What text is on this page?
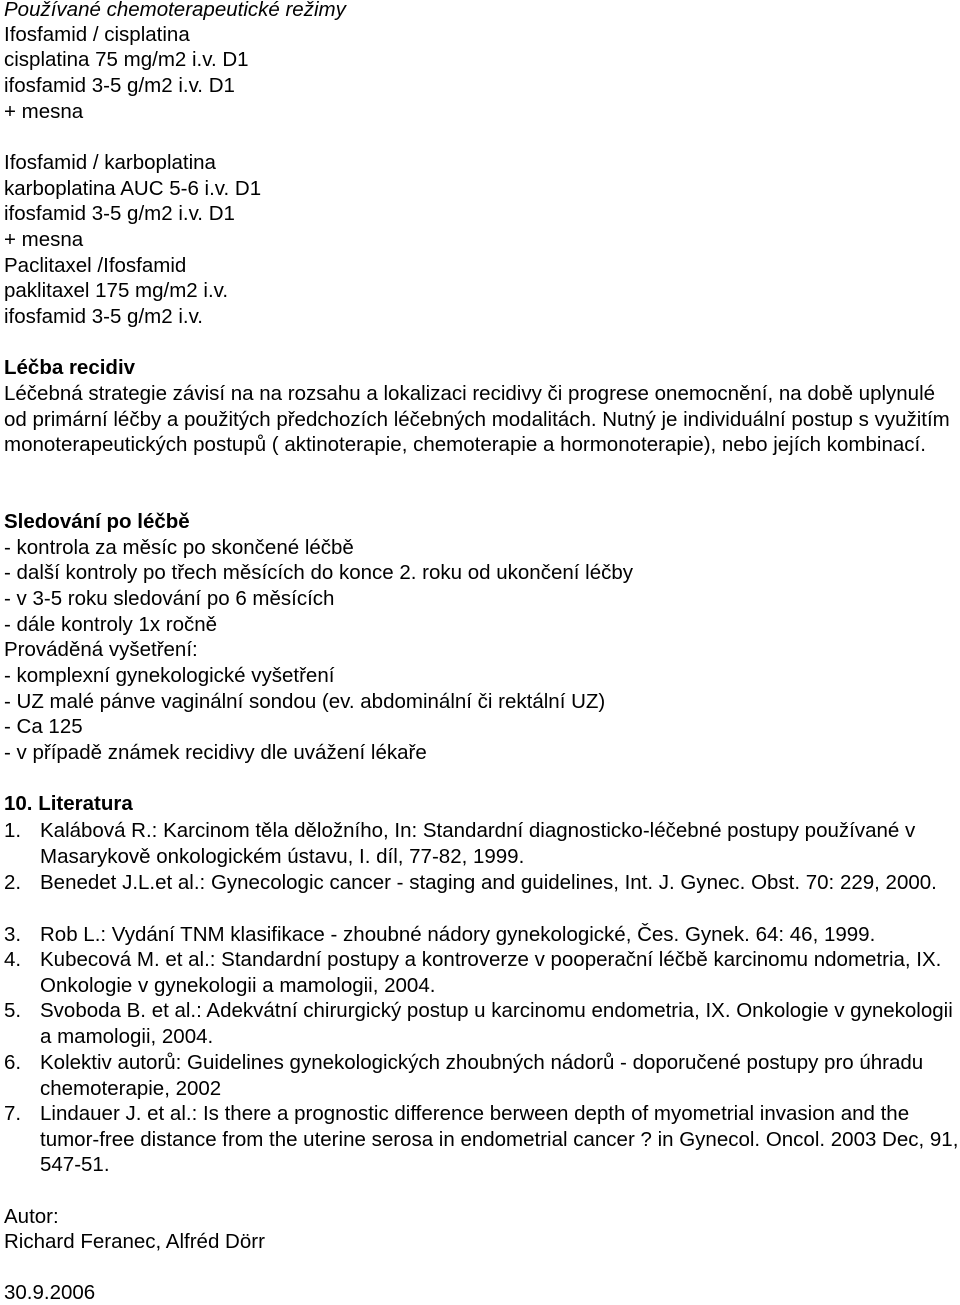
Používané chemoterapeutické režimy
Ifosfamid / cisplatina
cisplatina 75 mg/m2 i.v. D1
ifosfamid 3-5 g/m2 i.v. D1
+ mesna
Ifosfamid / karboplatina
karboplatina AUC 5-6 i.v. D1
ifosfamid 3-5 g/m2 i.v. D1
+ mesna
Paclitaxel /Ifosfamid
paklitaxel 175 mg/m2 i.v.
ifosfamid 3-5 g/m2 i.v.
Léčba recidiv
Léčebná strategie závisí na na rozsahu a lokalizaci recidivy či progrese onemocnění, na době uplynulé od primární léčby a použitých předchozích léčebných modalitách. Nutný je individuální postup s využitím monoterapeutických postupů ( aktinoterapie, chemoterapie a hormonoterapie), nebo jejích kombinací.
Sledování po léčbě
- kontrola za měsíc po skončené léčbě
- další kontroly po třech měsících do konce 2. roku od ukončení léčby
- v 3-5 roku sledování po 6 měsících
- dále kontroly 1x ročně
Prováděná vyšetření:
- komplexní gynekologické vyšetření
- UZ malé pánve vaginální sondou (ev. abdominální či rektální UZ)
- Ca 125
- v případě známek recidivy dle uvážení lékaře
10. Literatura
1. Kalábová R.: Karcinom těla děložního, In: Standardní diagnosticko-léčebné postupy používané v Masarykově onkologickém ústavu, I. díl, 77-82, 1999.
2. Benedet J.L.et al.: Gynecologic cancer - staging and guidelines, Int. J. Gynec. Obst. 70: 229, 2000.
3. Rob L.: Vydání TNM klasifikace - zhoubné nádory gynekologické, Čes. Gynek. 64: 46, 1999.
4. Kubecová M. et al.: Standardní postupy a kontroverze v pooperační léčbě karcinomu ndometria, IX. Onkologie v gynekologii a mamologii, 2004.
5. Svoboda B. et al.: Adekvátní chirurgický postup u karcinomu endometria, IX. Onkologie v gynekologii a mamologii, 2004.
6. Kolektiv autorů: Guidelines gynekologických zhoubných nádorů - doporučené postupy pro úhradu chemoterapie, 2002
7. Lindauer J. et al.: Is there a prognostic difference berween depth of myometrial invasion and the tumor-free distance from the uterine serosa in endometrial cancer ? in Gynecol. Oncol. 2003 Dec, 91, 547-51.
Autor:
Richard Feranec, Alfréd Dörr
30.9.2006
